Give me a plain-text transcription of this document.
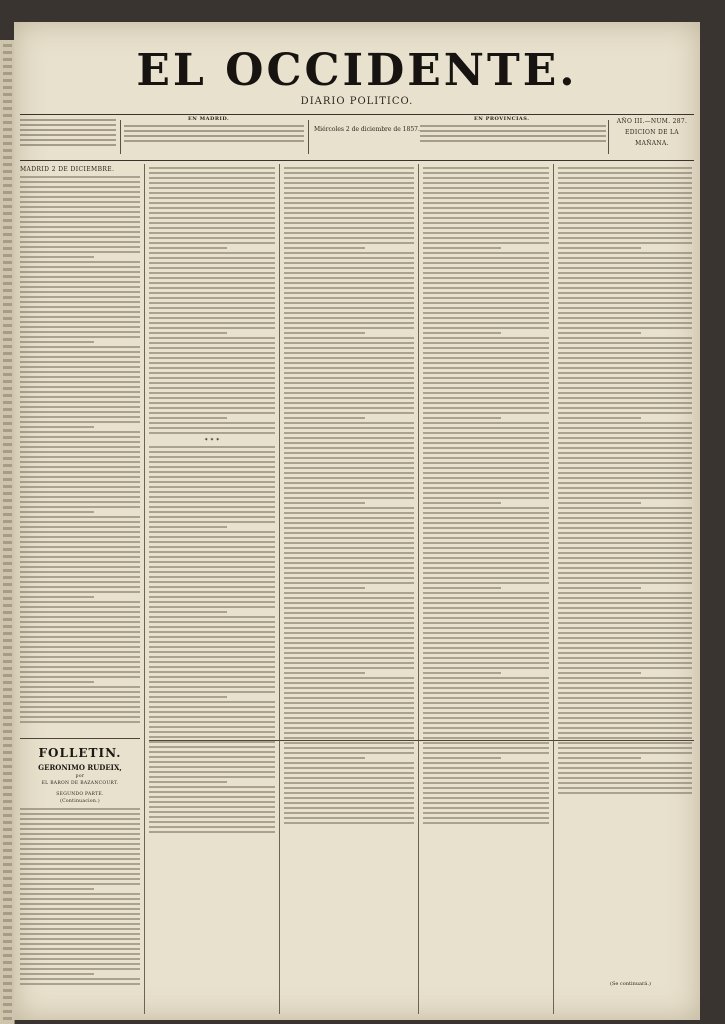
EL OCCIDENTE.
DIARIO POLITICO.
EN MADRID.
Miércoles 2 de diciembre de 1857.
EN PROVINCIAS.	AÑO III.—NUM. 287.
EDICION DE LA MAÑANA.
MADRID 2 DE DICIEMBRE.
FOLLETIN.
GERONIMO RUDEIX,
por
EL BARON DE BAZANCOURT.
SEGUNDO PARTE.
(Continuacion.)
✶ ✶ ✶
(Se continuará.)
